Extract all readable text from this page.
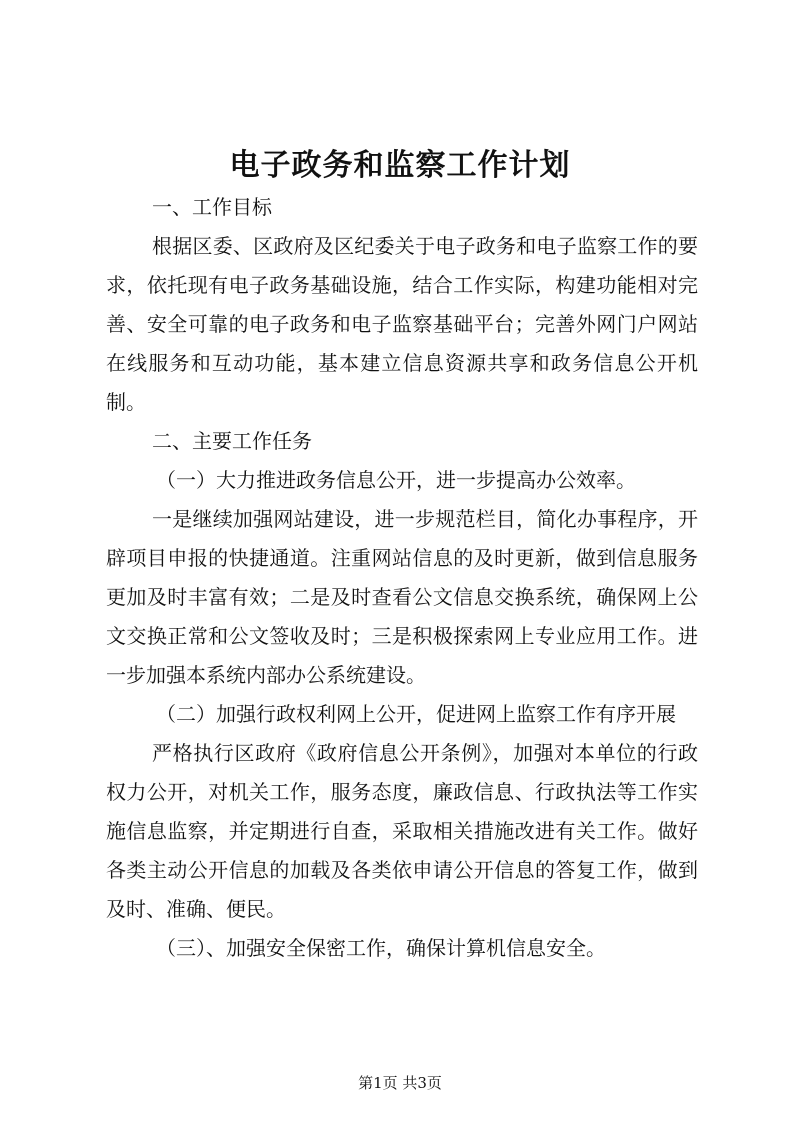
电子政务和监察工作计划

一、工作目标

根据区委、区政府及区纪委关于电子政务和电子监察工作的要求，依托现有电子政务基础设施，结合工作实际，构建功能相对完善、安全可靠的电子政务和电子监察基础平台；完善外网门户网站在线服务和互动功能，基本建立信息资源共享和政务信息公开机制。

二、主要工作任务

（一）大力推进政务信息公开，进一步提高办公效率。

一是继续加强网站建设，进一步规范栏目，简化办事程序，开辟项目申报的快捷通道。注重网站信息的及时更新，做到信息服务更加及时丰富有效；二是及时查看公文信息交换系统，确保网上公文交换正常和公文签收及时；三是积极探索网上专业应用工作。进一步加强本系统内部办公系统建设。

（二）加强行政权利网上公开，促进网上监察工作有序开展

严格执行区政府《政府信息公开条例》，加强对本单位的行政权力公开，对机关工作，服务态度，廉政信息、行政执法等工作实施信息监察，并定期进行自查，采取相关措施改进有关工作。做好各类主动公开信息的加载及各类依申请公开信息的答复工作，做到及时、准确、便民。

（三）、加强安全保密工作，确保计算机信息安全。

第1页 共3页
